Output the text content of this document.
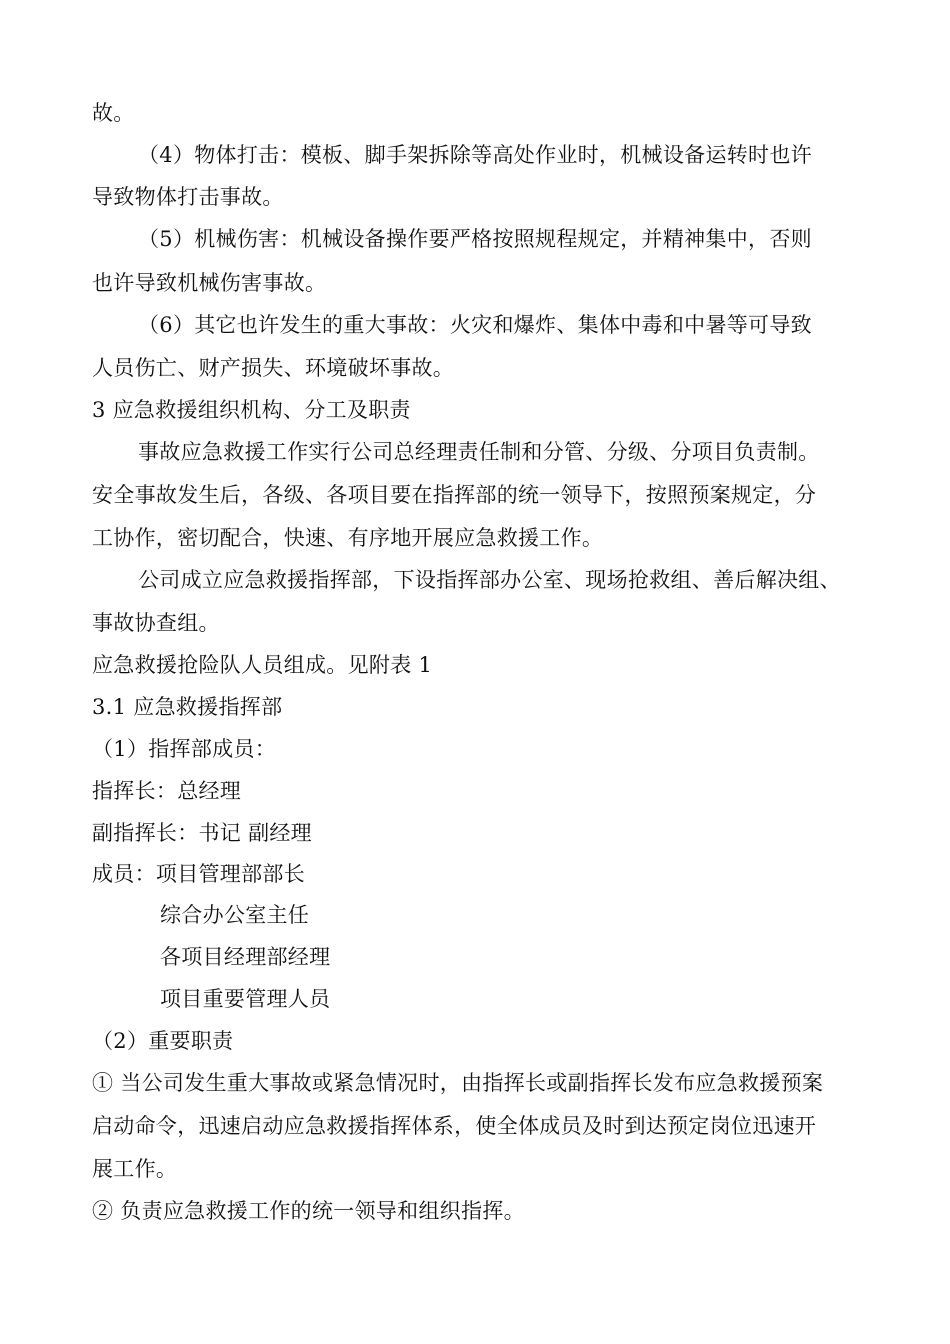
故。
（4）物体打击：模板、脚手架拆除等高处作业时，机械设备运转时也许
导致物体打击事故。
（5）机械伤害：机械设备操作要严格按照规程规定，并精神集中，否则
也许导致机械伤害事故。
（6）其它也许发生的重大事故：火灾和爆炸、集体中毒和中暑等可导致
人员伤亡、财产损失、环境破坏事故。
3 应急救援组织机构、分工及职责
事故应急救援工作实行公司总经理责任制和分管、分级、分项目负责制。
安全事故发生后，各级、各项目要在指挥部的统一领导下，按照预案规定，分
工协作，密切配合，快速、有序地开展应急救援工作。
公司成立应急救援指挥部，下设指挥部办公室、现场抢救组、善后解决组、
事故协查组。
应急救援抢险队人员组成。见附表 1
3.1 应急救援指挥部
（1）指挥部成员：
指挥长：总经理
副指挥长：书记 副经理
成员：项目管理部部长
综合办公室主任
各项目经理部经理
项目重要管理人员
（2）重要职责
① 当公司发生重大事故或紧急情况时，由指挥长或副指挥长发布应急救援预案
启动命令，迅速启动应急救援指挥体系，使全体成员及时到达预定岗位迅速开
展工作。
② 负责应急救援工作的统一领导和组织指挥。
